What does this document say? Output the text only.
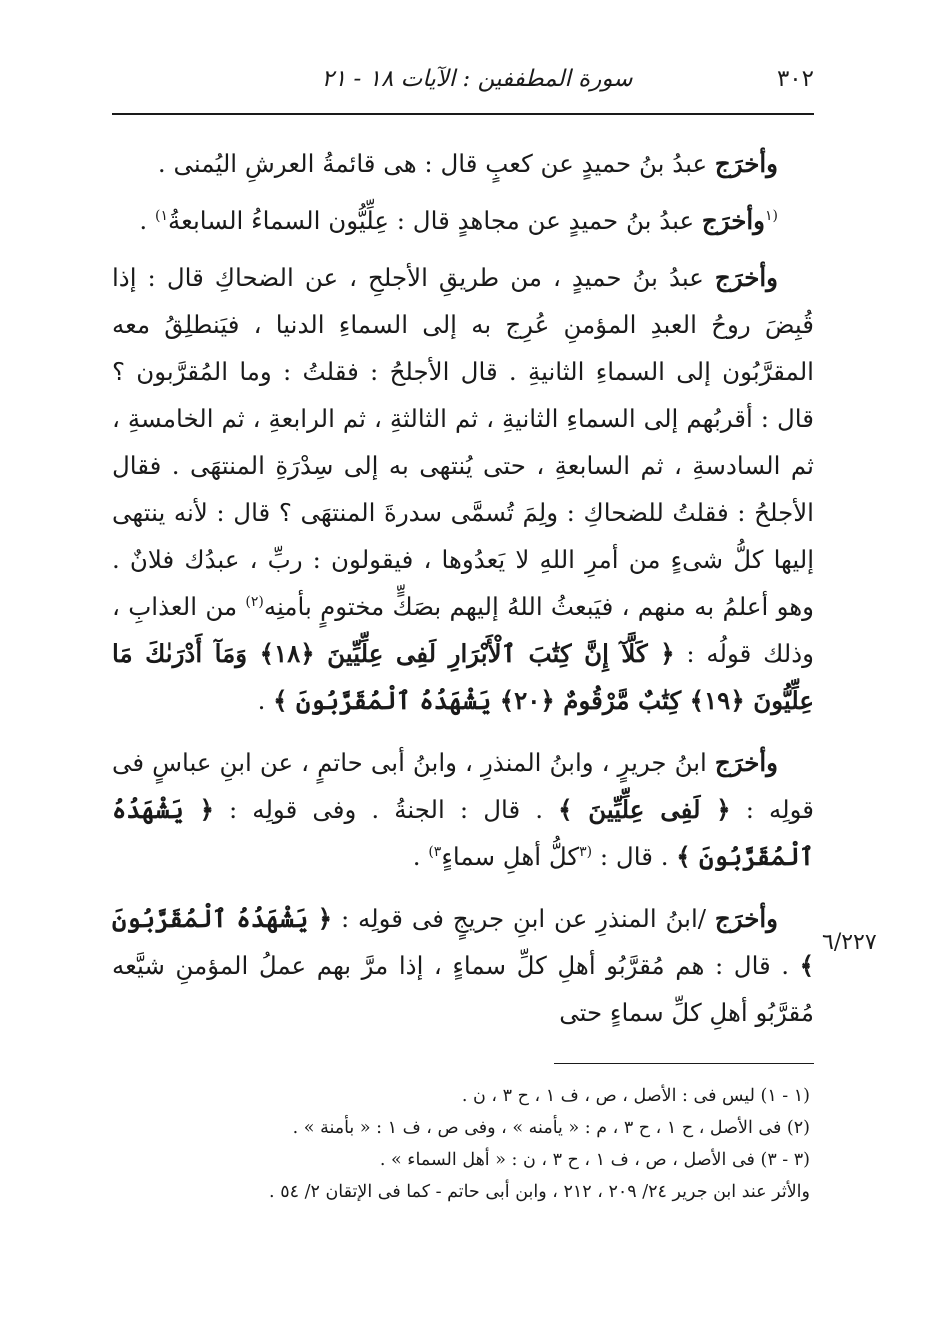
٣٠٢
سورة المطففين : الآيات ١٨ - ٢١

وأخرَج عبدُ بنُ حميدٍ عن كعبٍ قال : هى قائمةُ العرشِ اليُمنى .

$^{(١}$وأخرَج عبدُ بنُ حميدٍ عن مجاهدٍ قال : عِلِّيُّون السماءُ السابعةُ$^{١)}$ .

وأخرَج عبدُ بنُ حميدٍ ، من طريقِ الأجلحِ ، عن الضحاكِ قال : إذا قُبِضَ روحُ العبدِ المؤمنِ عُرِج به إلى السماءِ الدنيا ، فيَنطلِقُ معه المقرَّبُون إلى السماءِ الثانيةِ . قال الأجلحُ : فقلتُ : وما المُقرَّبون ؟ قال : أقربُهم إلى السماءِ الثانيةِ ، ثم الثالثةِ ، ثم الرابعةِ ، ثم الخامسةِ ، ثم السادسةِ ، ثم السابعةِ ، حتى يُنتهى به إلى سِدْرَةِ المنتهَى . فقال الأجلحُ : فقلتُ للضحاكِ : ولِمَ تُسمَّى سدرةَ المنتهَى ؟ قال : لأنه ينتهى إليها كلُّ شىءٍ من أمرِ اللهِ لا يَعدُوها ، فيقولون : ربِّ ، عبدُك فلانٌ . وهو أعلمُ به منهم ، فيَبعثُ اللهُ إليهم بصَكٍّ مختومٍ بأمنِه$^{(٢)}$ من العذابِ ، وذلك قولُه : ﴿ كَلَّآ إِنَّ كِتَٰبَ ٱلْأَبْرَارِ لَفِى عِلِّيِّينَ ﴿١٨﴾ وَمَآ أَدْرَىٰكَ مَا عِلِّيُّونَ ﴿١٩﴾ كِتَٰبٌ مَّرْقُومٌ ﴿٢٠﴾ يَشْهَدُهُ ٱلْمُقَرَّبُونَ ﴾ .

وأخرَج ابنُ جريرٍ ، وابنُ المنذرِ ، وابنُ أبى حاتمٍ ، عن ابنِ عباسٍ فى قولِه : ﴿ لَفِى عِلِّيِّينَ ﴾ . قال : الجنةُ . وفى قولِه : ﴿ يَشْهَدُهُ ٱلْمُقَرَّبُونَ ﴾ . قال : $^{(٣}$كلُّ أهلِ سماءٍ$^{٣)}$ .

وأخرَج /ابنُ المنذرِ عن ابنِ جريجٍ فى قولِه : ﴿ يَشْهَدُهُ ٱلْمُقَرَّبُونَ ﴾ . قال : هم مُقرَّبُو أهلِ كلِّ سماءٍ ، إذا مرَّ بهم عملُ المؤمنِ شيَّعه مُقرَّبُو أهلِ كلِّ سماءٍ حتى

٦/٢٢٧

(١ - ١) ليس فى : الأصل ، ص ، ف ١ ، ح ٣ ، ن .

(٢) فى الأصل ، ح ١ ، ح ٣ ، م : « يأمنه » ، وفى ص ، ف ١ : « بأمنة » .

(٣ - ٣) فى الأصل ، ص ، ف ١ ، ح ٣ ، ن : « أهل السماء » .

والأثر عند ابن جرير ٢٤/ ٢٠٩ ، ٢١٢ ، وابن أبى حاتم - كما فى الإتقان ٢/ ٥٤ .
